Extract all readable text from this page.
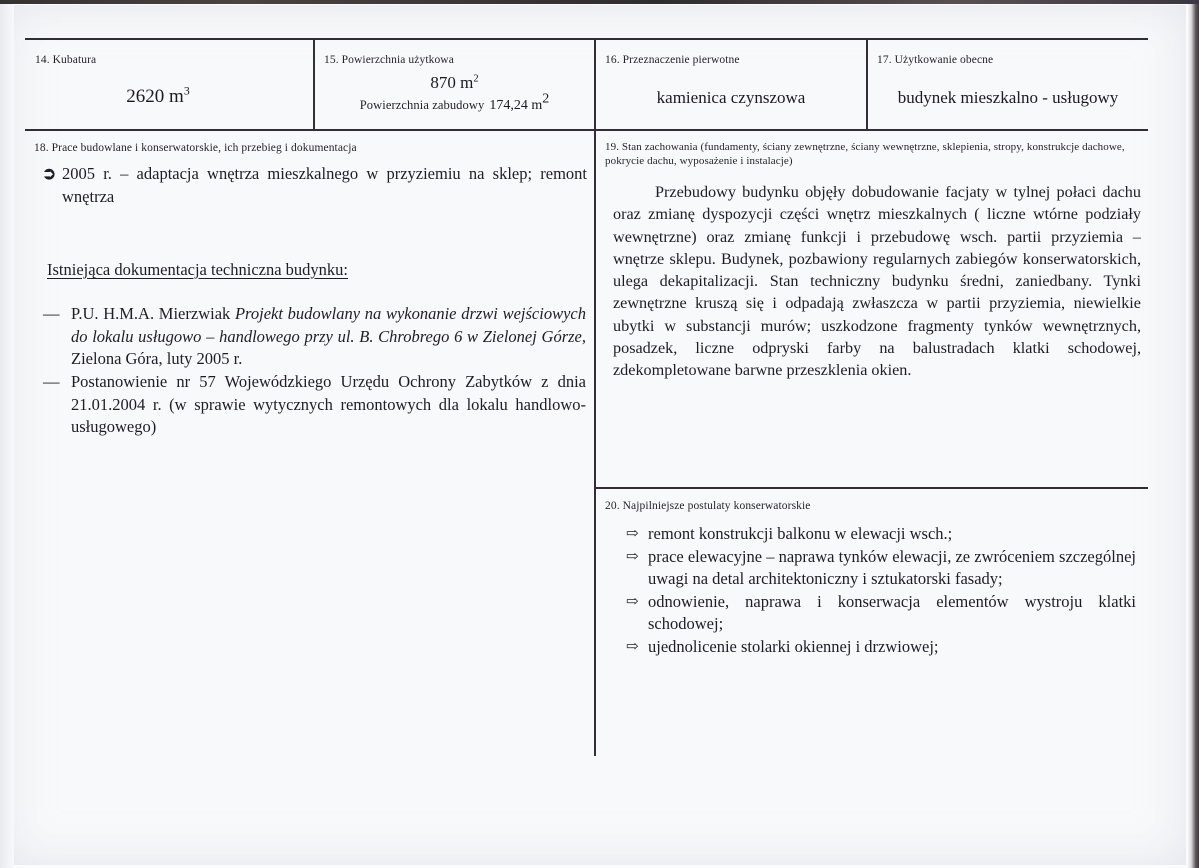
14. Kubatura
2620 $m^3$
15. Powierzchnia użytkowa
870 $m^2$
Powierzchnia zabudowy 174,24 $m^2$
16. Przeznaczenie pierwotne
kamienica czynszowa
17. Użytkowanie obecne
budynek mieszkalno - usługowy
18. Prace budowlane i konserwatorskie, ich przebieg i dokumentacja
➲ 2005 r. – adaptacja wnętrza mieszkalnego w przyziemiu na sklep; remont wnętrza
Istniejąca dokumentacja techniczna budynku:
— P.U. H.M.A. Mierzwiak Projekt budowlany na wykonanie drzwi wejściowych do lokalu usługowo – handlowego przy ul. B. Chrobrego 6 w Zielonej Górze, Zielona Góra, luty 2005 r.
— Postanowienie nr 57 Wojewódzkiego Urzędu Ochrony Zabytków z dnia 21.01.2004 r. (w sprawie wytycznych remontowych dla lokalu handlowo-usługowego)
19. Stan zachowania (fundamenty, ściany zewnętrzne, ściany wewnętrzne, sklepienia, stropy, konstrukcje dachowe, pokrycie dachu, wyposażenie i instalacje)
Przebudowy budynku objęły dobudowanie facjaty w tylnej połaci dachu oraz zmianę dyspozycji części wnętrz mieszkalnych ( liczne wtórne podziały wewnętrzne) oraz zmianę funkcji i przebudowę wsch. partii przyziemia – wnętrze sklepu. Budynek, pozbawiony regularnych zabiegów konserwatorskich, ulega dekapitalizacji. Stan techniczny budynku średni, zaniedbany. Tynki zewnętrzne kruszą się i odpadają zwłaszcza w partii przyziemia, niewielkie ubytki w substancji murów; uszkodzone fragmenty tynków wewnętrznych, posadzek, liczne odpryski farby na balustradach klatki schodowej, zdekompletowane barwne przeszklenia okien.
20. Najpilniejsze postulaty konserwatorskie
⇨ remont konstrukcji balkonu w elewacji wsch.;
⇨ prace elewacyjne – naprawa tynków elewacji, ze zwróceniem szczególnej uwagi na detal architektoniczny i sztukatorski fasady;
⇨ odnowienie, naprawa i konserwacja elementów wystroju klatki schodowej;
⇨ ujednolicenie stolarki okiennej i drzwiowej;
